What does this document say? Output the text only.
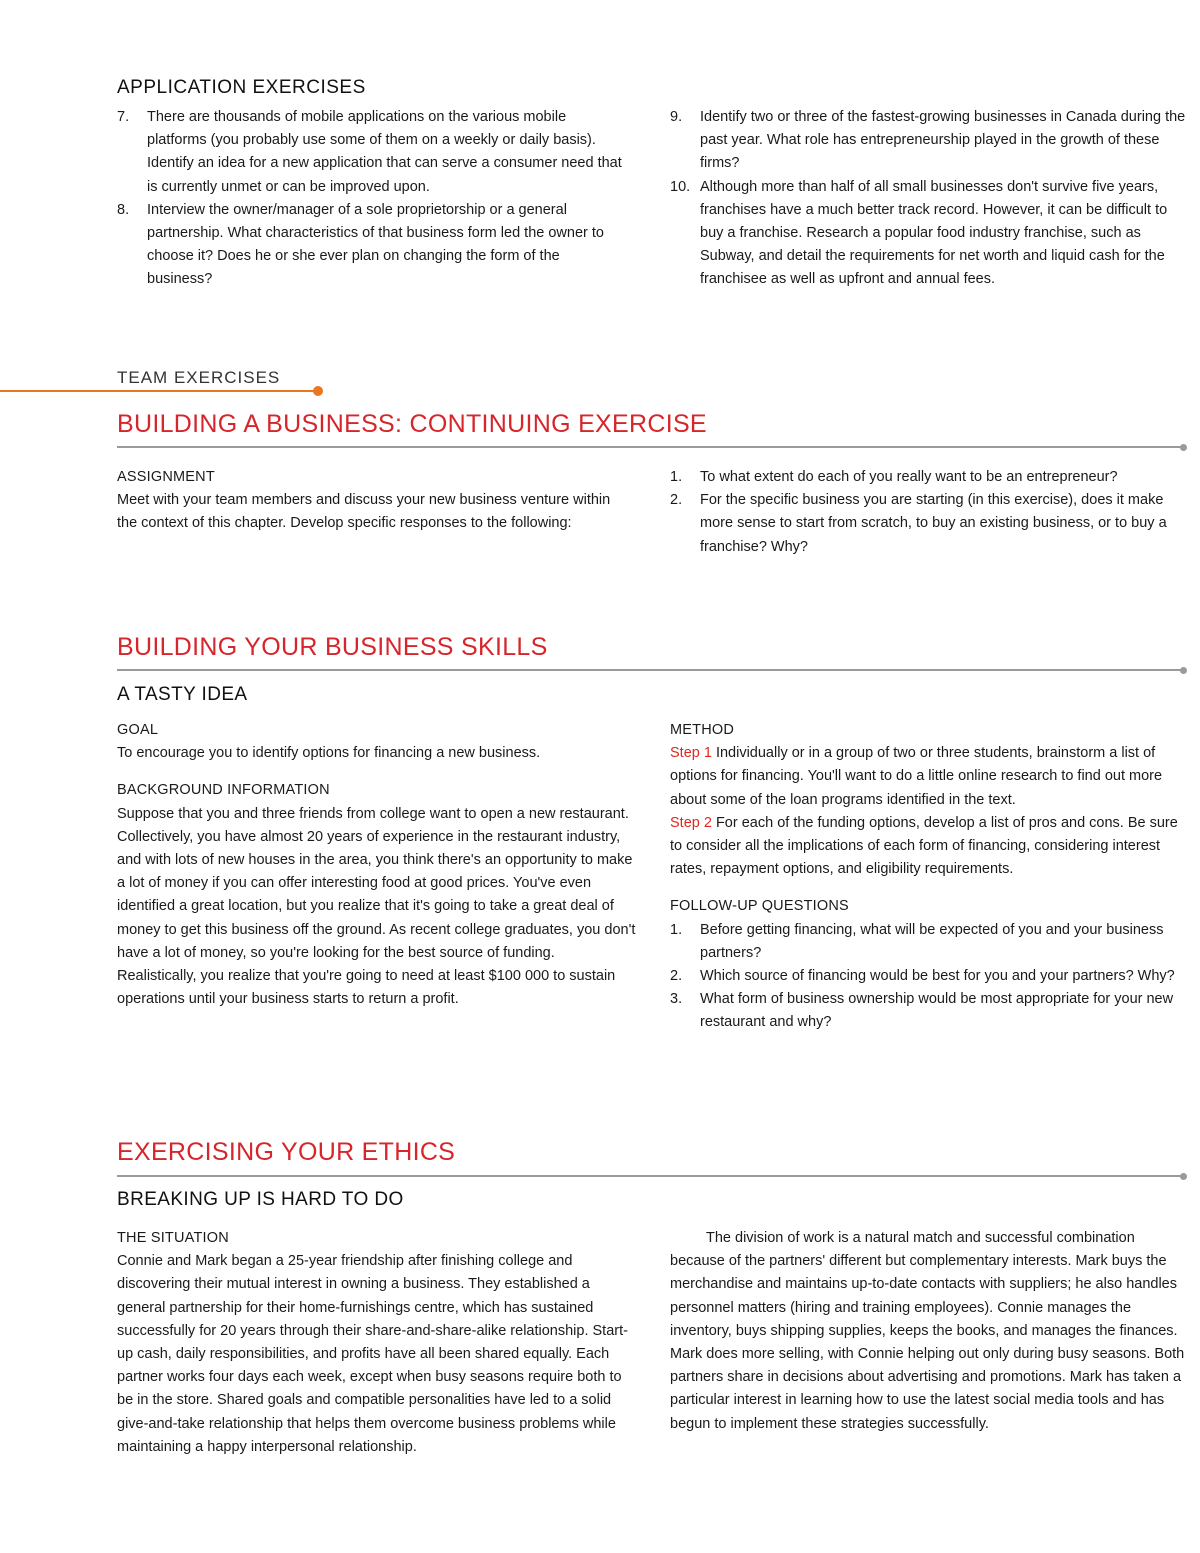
APPLICATION EXERCISES
7. There are thousands of mobile applications on the various mobile platforms (you probably use some of them on a weekly or daily basis). Identify an idea for a new application that can serve a consumer need that is currently unmet or can be improved upon.
8. Interview the owner/manager of a sole proprietorship or a general partnership. What characteristics of that business form led the owner to choose it? Does he or she ever plan on changing the form of the business?
9. Identify two or three of the fastest-growing businesses in Canada during the past year. What role has entrepreneurship played in the growth of these firms?
10. Although more than half of all small businesses don't survive five years, franchises have a much better track record. However, it can be difficult to buy a franchise. Research a popular food industry franchise, such as Subway, and detail the requirements for net worth and liquid cash for the franchisee as well as upfront and annual fees.
TEAM EXERCISES
BUILDING A BUSINESS: CONTINUING EXERCISE
ASSIGNMENT
Meet with your team members and discuss your new business venture within the context of this chapter. Develop specific responses to the following:
1. To what extent do each of you really want to be an entrepreneur?
2. For the specific business you are starting (in this exercise), does it make more sense to start from scratch, to buy an existing business, or to buy a franchise? Why?
BUILDING YOUR BUSINESS SKILLS
A TASTY IDEA
GOAL
To encourage you to identify options for financing a new business.
BACKGROUND INFORMATION
Suppose that you and three friends from college want to open a new restaurant. Collectively, you have almost 20 years of experience in the restaurant industry, and with lots of new houses in the area, you think there's an opportunity to make a lot of money if you can offer interesting food at good prices. You've even identified a great location, but you realize that it's going to take a great deal of money to get this business off the ground. As recent college graduates, you don't have a lot of money, so you're looking for the best source of funding. Realistically, you realize that you're going to need at least $100 000 to sustain operations until your business starts to return a profit.
METHOD
Step 1 Individually or in a group of two or three students, brainstorm a list of options for financing. You'll want to do a little online research to find out more about some of the loan programs identified in the text.
Step 2 For each of the funding options, develop a list of pros and cons. Be sure to consider all the implications of each form of financing, considering interest rates, repayment options, and eligibility requirements.
FOLLOW-UP QUESTIONS
1. Before getting financing, what will be expected of you and your business partners?
2. Which source of financing would be best for you and your partners? Why?
3. What form of business ownership would be most appropriate for your new restaurant and why?
EXERCISING YOUR ETHICS
BREAKING UP IS HARD TO DO
THE SITUATION
Connie and Mark began a 25-year friendship after finishing college and discovering their mutual interest in owning a business. They established a general partnership for their home-furnishings centre, which has sustained successfully for 20 years through their share-and-share-alike relationship. Start-up cash, daily responsibilities, and profits have all been shared equally. Each partner works four days each week, except when busy seasons require both to be in the store. Shared goals and compatible personalities have led to a solid give-and-take relationship that helps them overcome business problems while maintaining a happy interpersonal relationship.
The division of work is a natural match and successful combination because of the partners' different but complementary interests. Mark buys the merchandise and maintains up-to-date contacts with suppliers; he also handles personnel matters (hiring and training employees). Connie manages the inventory, buys shipping supplies, keeps the books, and manages the finances. Mark does more selling, with Connie helping out only during busy seasons. Both partners share in decisions about advertising and promotions. Mark has taken a particular interest in learning how to use the latest social media tools and has begun to implement these strategies successfully.
